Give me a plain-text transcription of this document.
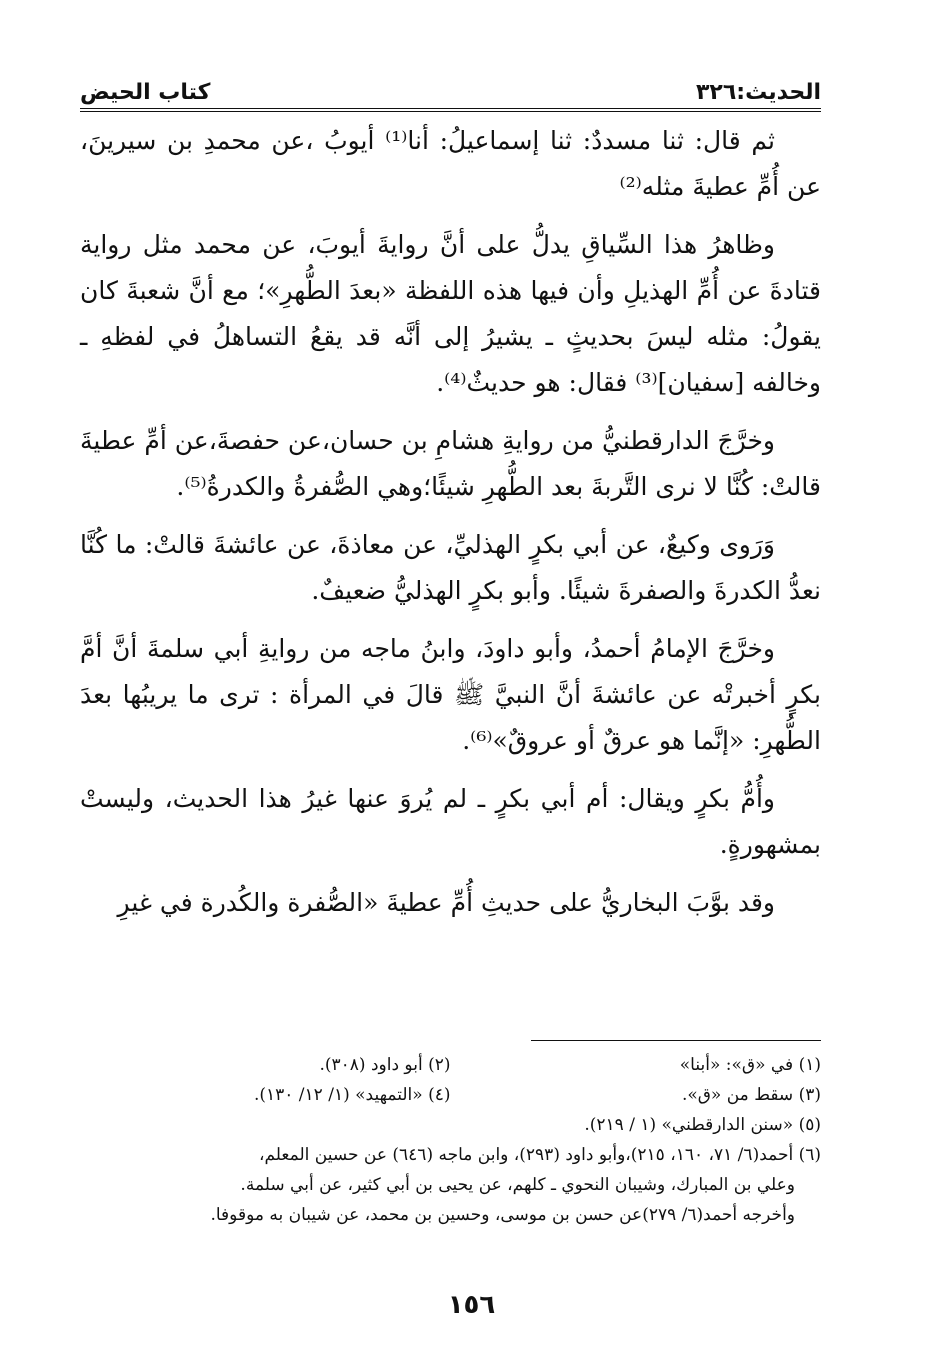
الحديث:٣٢٦
كتاب الحيض

ثم قال: ثنا مسددٌ: ثنا إسماعيلُ: أنا⁽¹⁾ أيوبُ ،عن محمدِ بن سيرينَ، عن أُمِّ عطيةَ مثله⁽²⁾

وظاهرُ هذا السِّياقِ يدلُّ على أنَّ روايةَ أيوبَ، عن محمد مثل رواية قتادةَ عن أُمِّ الهذيلِ وأن فيها هذه اللفظة «بعدَ الطُّهرِ»؛ مع أنَّ شعبةَ كان يقولُ: مثله ليسَ بحديثٍ ـ يشيرُ إلى أنَّه قد يقعُ التساهلُ في لفظهِ ـ وخالفه [سفيان]⁽³⁾ فقال: هو حديثٌ⁽⁴⁾.

وخرَّجَ الدارقطنيُّ من روايةِ هشامِ بن حسان،عن حفصةَ،عن أمِّ عطيةَ قالتْ: كُنَّا لا نرى التَّربةَ بعد الطُّهرِ شيئًا؛وهي الصُّفرةُ والكدرةُ⁽⁵⁾.

وَرَوى وكيعٌ، عن أبي بكرٍ الهذليِّ، عن معاذةَ، عن عائشةَ قالتْ: ما كُنَّا نعدُّ الكدرةَ والصفرةَ شيئًا. وأبو بكرٍ الهذليُّ ضعيفٌ.

وخرَّجَ الإمامُ أحمدُ، وأبو داودَ، وابنُ ماجه من روايةِ أبي سلمةَ أنَّ أمَّ بكرٍ أخبرتْه عن عائشةَ أنَّ النبيَّ ﷺ قالَ في المرأة : ترى ما يريبُها بعدَ الطُّهرِ: «إنَّما هو عرقٌ أو عروقٌ»⁽⁶⁾.

وأُمُّ بكرٍ ويقال: أم أبي بكرٍ ـ لم يُروَ عنها غيرُ هذا الحديث، وليستْ بمشهورةٍ.

وقد بوَّبَ البخاريُّ على حديثِ أُمِّ عطيةَ «الصُّفرة والكُدرة في غيرِ

(١) في «ق»: «أبنا»
(٢) أبو داود (٣٠٨).
(٣) سقط من «ق».
(٤) «التمهيد» (١/ ١٢/ ١٣٠).
(٥) «سنن الدارقطني» (١ / ٢١٩).
(٦) أحمد(٦/ ٧١، ١٦٠، ٢١٥)،وأبو داود (٢٩٣)، وابن ماجه (٦٤٦) عن حسين المعلم،
وعلي بن المبارك، وشيبان النحوي ـ كلهم، عن يحيى بن أبي كثير، عن أبي سلمة.
وأخرجه أحمد(٦/ ٢٧٩)عن حسن بن موسى، وحسين بن محمد، عن شيبان به موقوفا.
١٥٦
